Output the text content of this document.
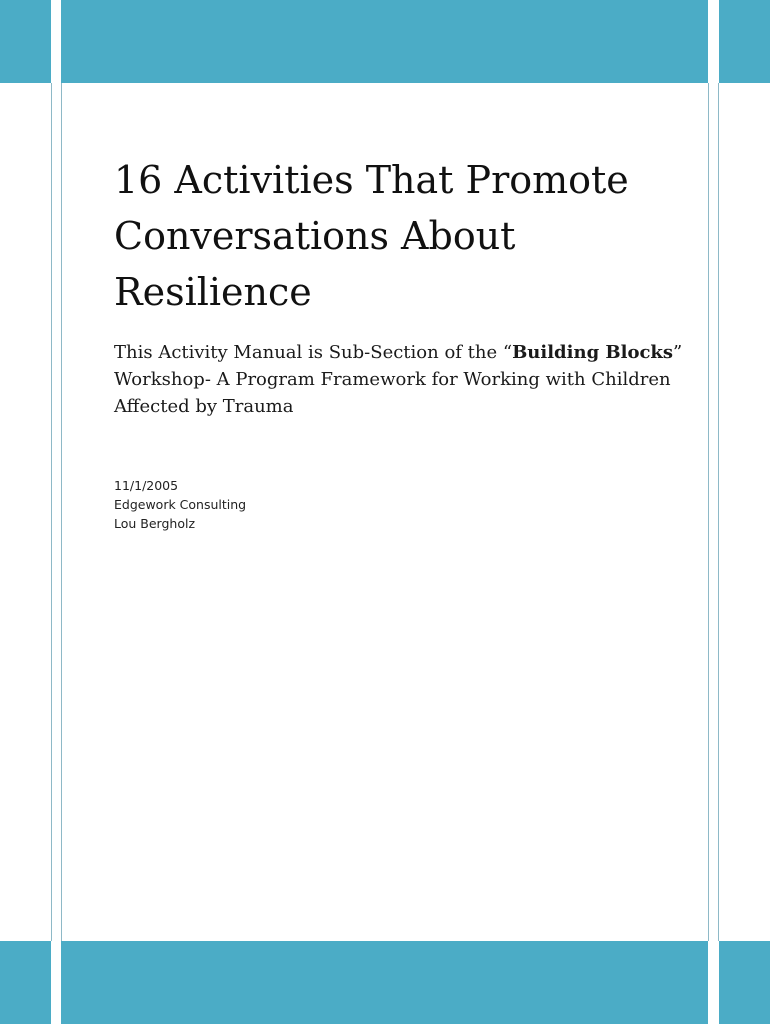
16 Activities That Promote Conversations About Resilience

This Activity Manual is Sub-Section of the “Building Blocks” Workshop- A Program Framework for Working with Children Affected by Trauma

11/1/2005
Edgework Consulting
Lou Bergholz
